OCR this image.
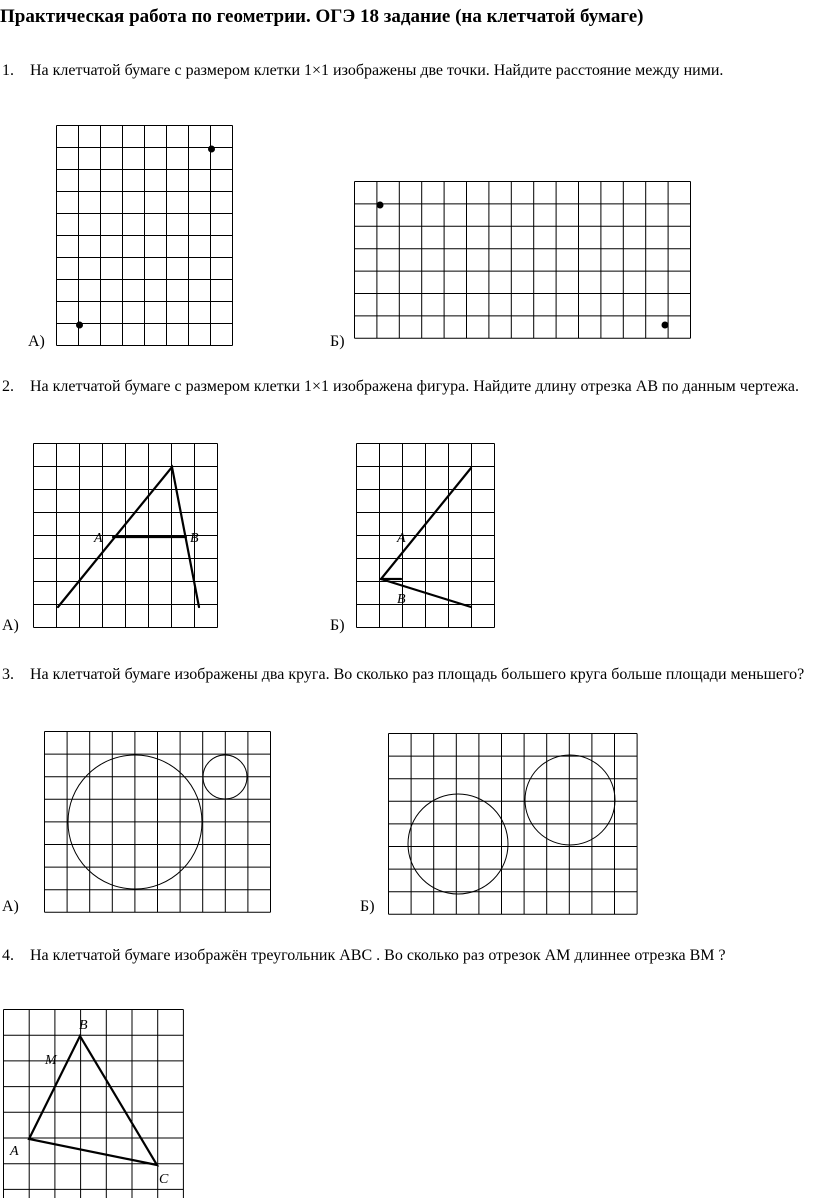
Практическая работа по геометрии. ОГЭ 18 задание (на клетчатой бумаге)
1. На клетчатой бумаге с размером клетки 1×1 изображены две точки. Найдите расстояние между ними.
А)	Б)
2. На клетчатой бумаге с размером клетки 1×1 изображена фигура. Найдите длину отрезка АВ по данным чертежа.
A	B
А)
A
B
Б)
3. На клетчатой бумаге изображены два круга. Во сколько раз площадь большего круга больше площади меньшего?
А)	Б)
4. На клетчатой бумаге изображён треугольник ABC . Во сколько раз отрезок AM длиннее отрезка BM ?
B
M
A
C
